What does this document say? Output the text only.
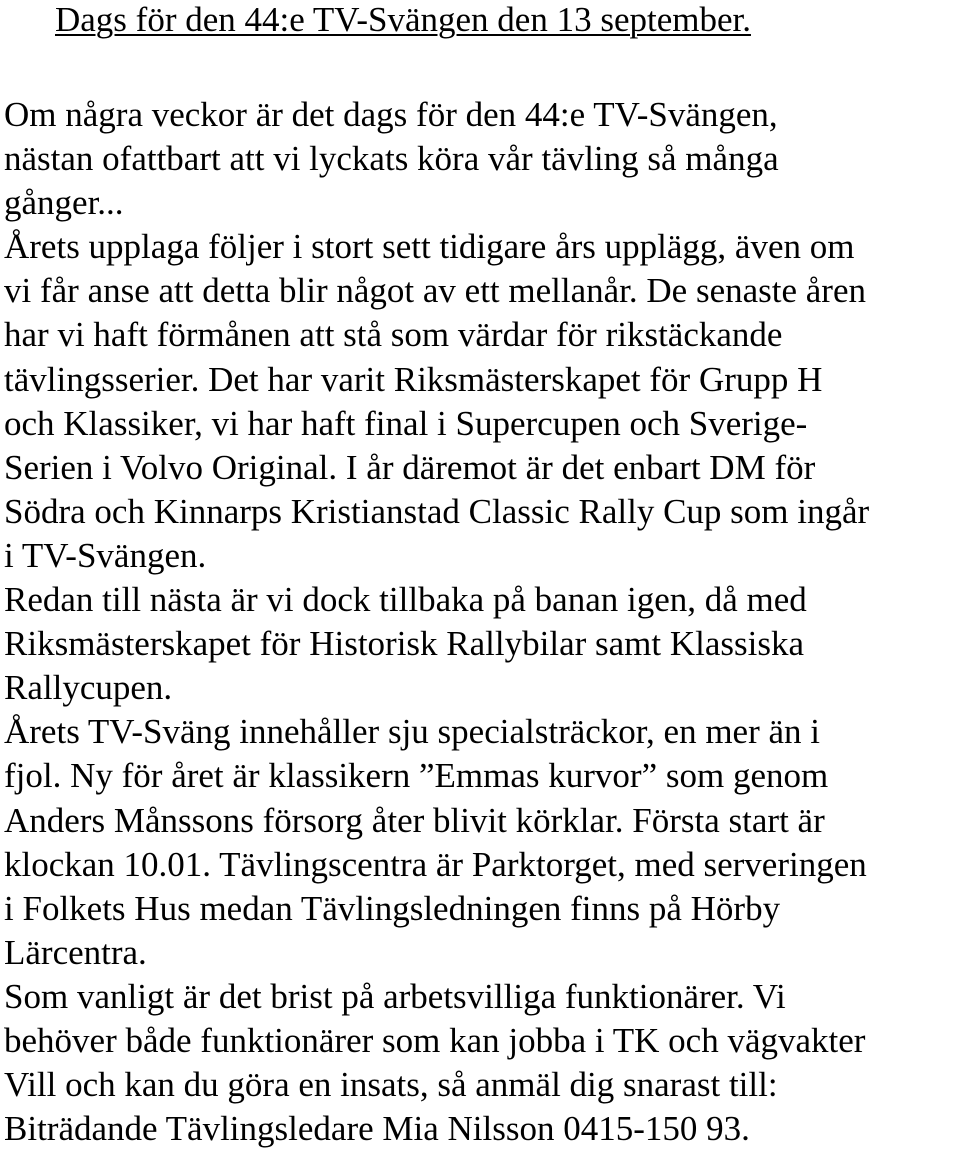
Dags för den 44:e TV-Svängen den 13 september.
Om några veckor är det dags för den 44:e TV-Svängen,
nästan ofattbart att vi lyckats köra vår tävling så många
gånger...
Årets upplaga följer i stort sett tidigare års upplägg, även om
vi får anse att detta blir något av ett mellanår. De senaste åren
har vi haft förmånen att stå som värdar för rikstäckande
tävlingsserier. Det har varit Riksmästerskapet för Grupp H
och Klassiker, vi har haft final i Supercupen och Sverige-
Serien i Volvo Original. I år däremot är det enbart DM för
Södra och Kinnarps Kristianstad Classic Rally Cup som ingår
i TV-Svängen.
Redan till nästa är vi dock tillbaka på banan igen, då med
Riksmästerskapet för Historisk Rallybilar samt Klassiska
Rallycupen.
Årets TV-Sväng innehåller sju specialsträckor, en mer än i
fjol. Ny för året är klassikern ”Emmas kurvor” som genom
Anders Månssons försorg åter blivit körklar. Första start är
klockan 10.01. Tävlingscentra är Parktorget, med serveringen
i Folkets Hus medan Tävlingsledningen finns på Hörby
Lärcentra.
Som vanligt är det brist på arbetsvilliga funktionärer. Vi
behöver både funktionärer som kan jobba i TK och vägvakter
Vill och kan du göra en insats, så anmäl dig snarast till:
Biträdande Tävlingsledare Mia Nilsson 0415-150 93.
